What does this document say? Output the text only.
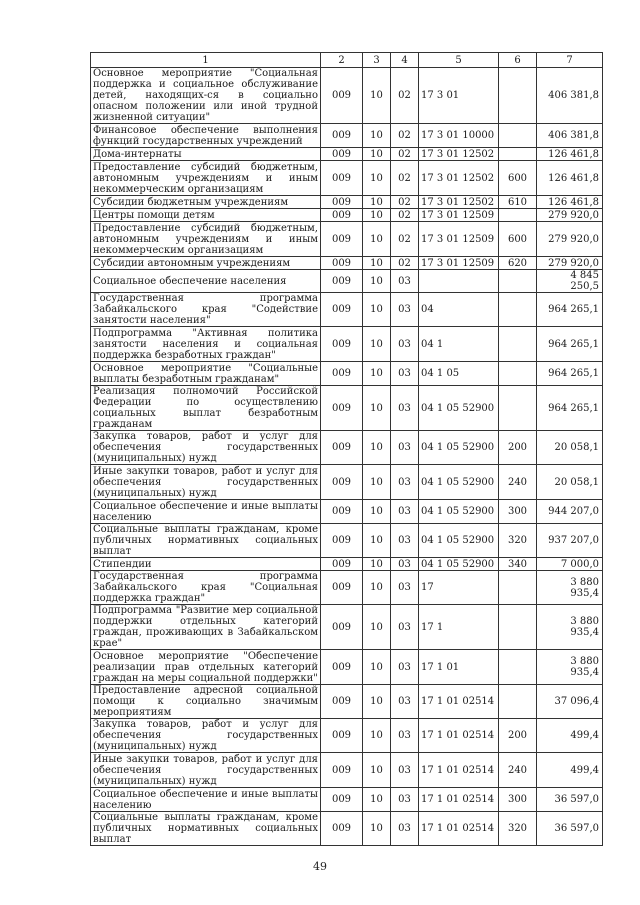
1	2	3	4	5	6	7
Основное мероприятие "Социальная поддержка и социальное обслуживание детей, находящих-ся в социально опасном положении или иной трудной жизненной ситуации"	009	10	02	17 3 01		406 381,8
Финансовое обеспечение выполнения функций государственных учреждений	009	10	02	17 3 01 10000		406 381,8
Дома-интернаты	009	10	02	17 3 01 12502		126 461,8
Предоставление субсидий бюджетным, автономным учреждениям и иным некоммерческим организациям	009	10	02	17 3 01 12502	600	126 461,8
Субсидии бюджетным учреждениям	009	10	02	17 3 01 12502	610	126 461,8
Центры помощи детям	009	10	02	17 3 01 12509		279 920,0
Предоставление субсидий бюджетным, автономным учреждениям и иным некоммерческим организациям	009	10	02	17 3 01 12509	600	279 920,0
Субсидии автономным учреждениям	009	10	02	17 3 01 12509	620	279 920,0
Социальное обеспечение населения	009	10	03			4 845 250,5
Государственная программа Забайкальского края "Содействие занятости населения"	009	10	03	04		964 265,1
Подпрограмма "Активная политика занятости населения и социальная поддержка безработных граждан"	009	10	03	04 1		964 265,1
Основное мероприятие "Социальные выплаты безработным гражданам"	009	10	03	04 1 05		964 265,1
Реализация полномочий Российской Федерации по осуществлению социальных выплат безработным гражданам	009	10	03	04 1 05 52900		964 265,1
Закупка товаров, работ и услуг для обеспечения государственных (муниципальных) нужд	009	10	03	04 1 05 52900	200	20 058,1
Иные закупки товаров, работ и услуг для обеспечения государственных (муниципальных) нужд	009	10	03	04 1 05 52900	240	20 058,1
Социальное обеспечение и иные выплаты населению	009	10	03	04 1 05 52900	300	944 207,0
Социальные выплаты гражданам, кроме публичных нормативных социальных выплат	009	10	03	04 1 05 52900	320	937 207,0
Стипендии	009	10	03	04 1 05 52900	340	7 000,0
Государственная программа Забайкальского края "Социальная поддержка граждан"	009	10	03	17		3 880 935,4
Подпрограмма "Развитие мер социальной поддержки отдельных категорий граждан, проживающих в Забайкальском крае"	009	10	03	17 1		3 880 935,4
Основное мероприятие "Обеспечение реализации прав отдельных категорий граждан на меры социальной поддержки"	009	10	03	17 1 01		3 880 935,4
Предоставление адресной социальной помощи к социально значимым мероприятиям	009	10	03	17 1 01 02514		37 096,4
Закупка товаров, работ и услуг для обеспечения государственных (муниципальных) нужд	009	10	03	17 1 01 02514	200	499,4
Иные закупки товаров, работ и услуг для обеспечения государственных (муниципальных) нужд	009	10	03	17 1 01 02514	240	499,4
Социальное обеспечение и иные выплаты населению	009	10	03	17 1 01 02514	300	36 597,0
Социальные выплаты гражданам, кроме публичных нормативных социальных выплат	009	10	03	17 1 01 02514	320	36 597,0
49
